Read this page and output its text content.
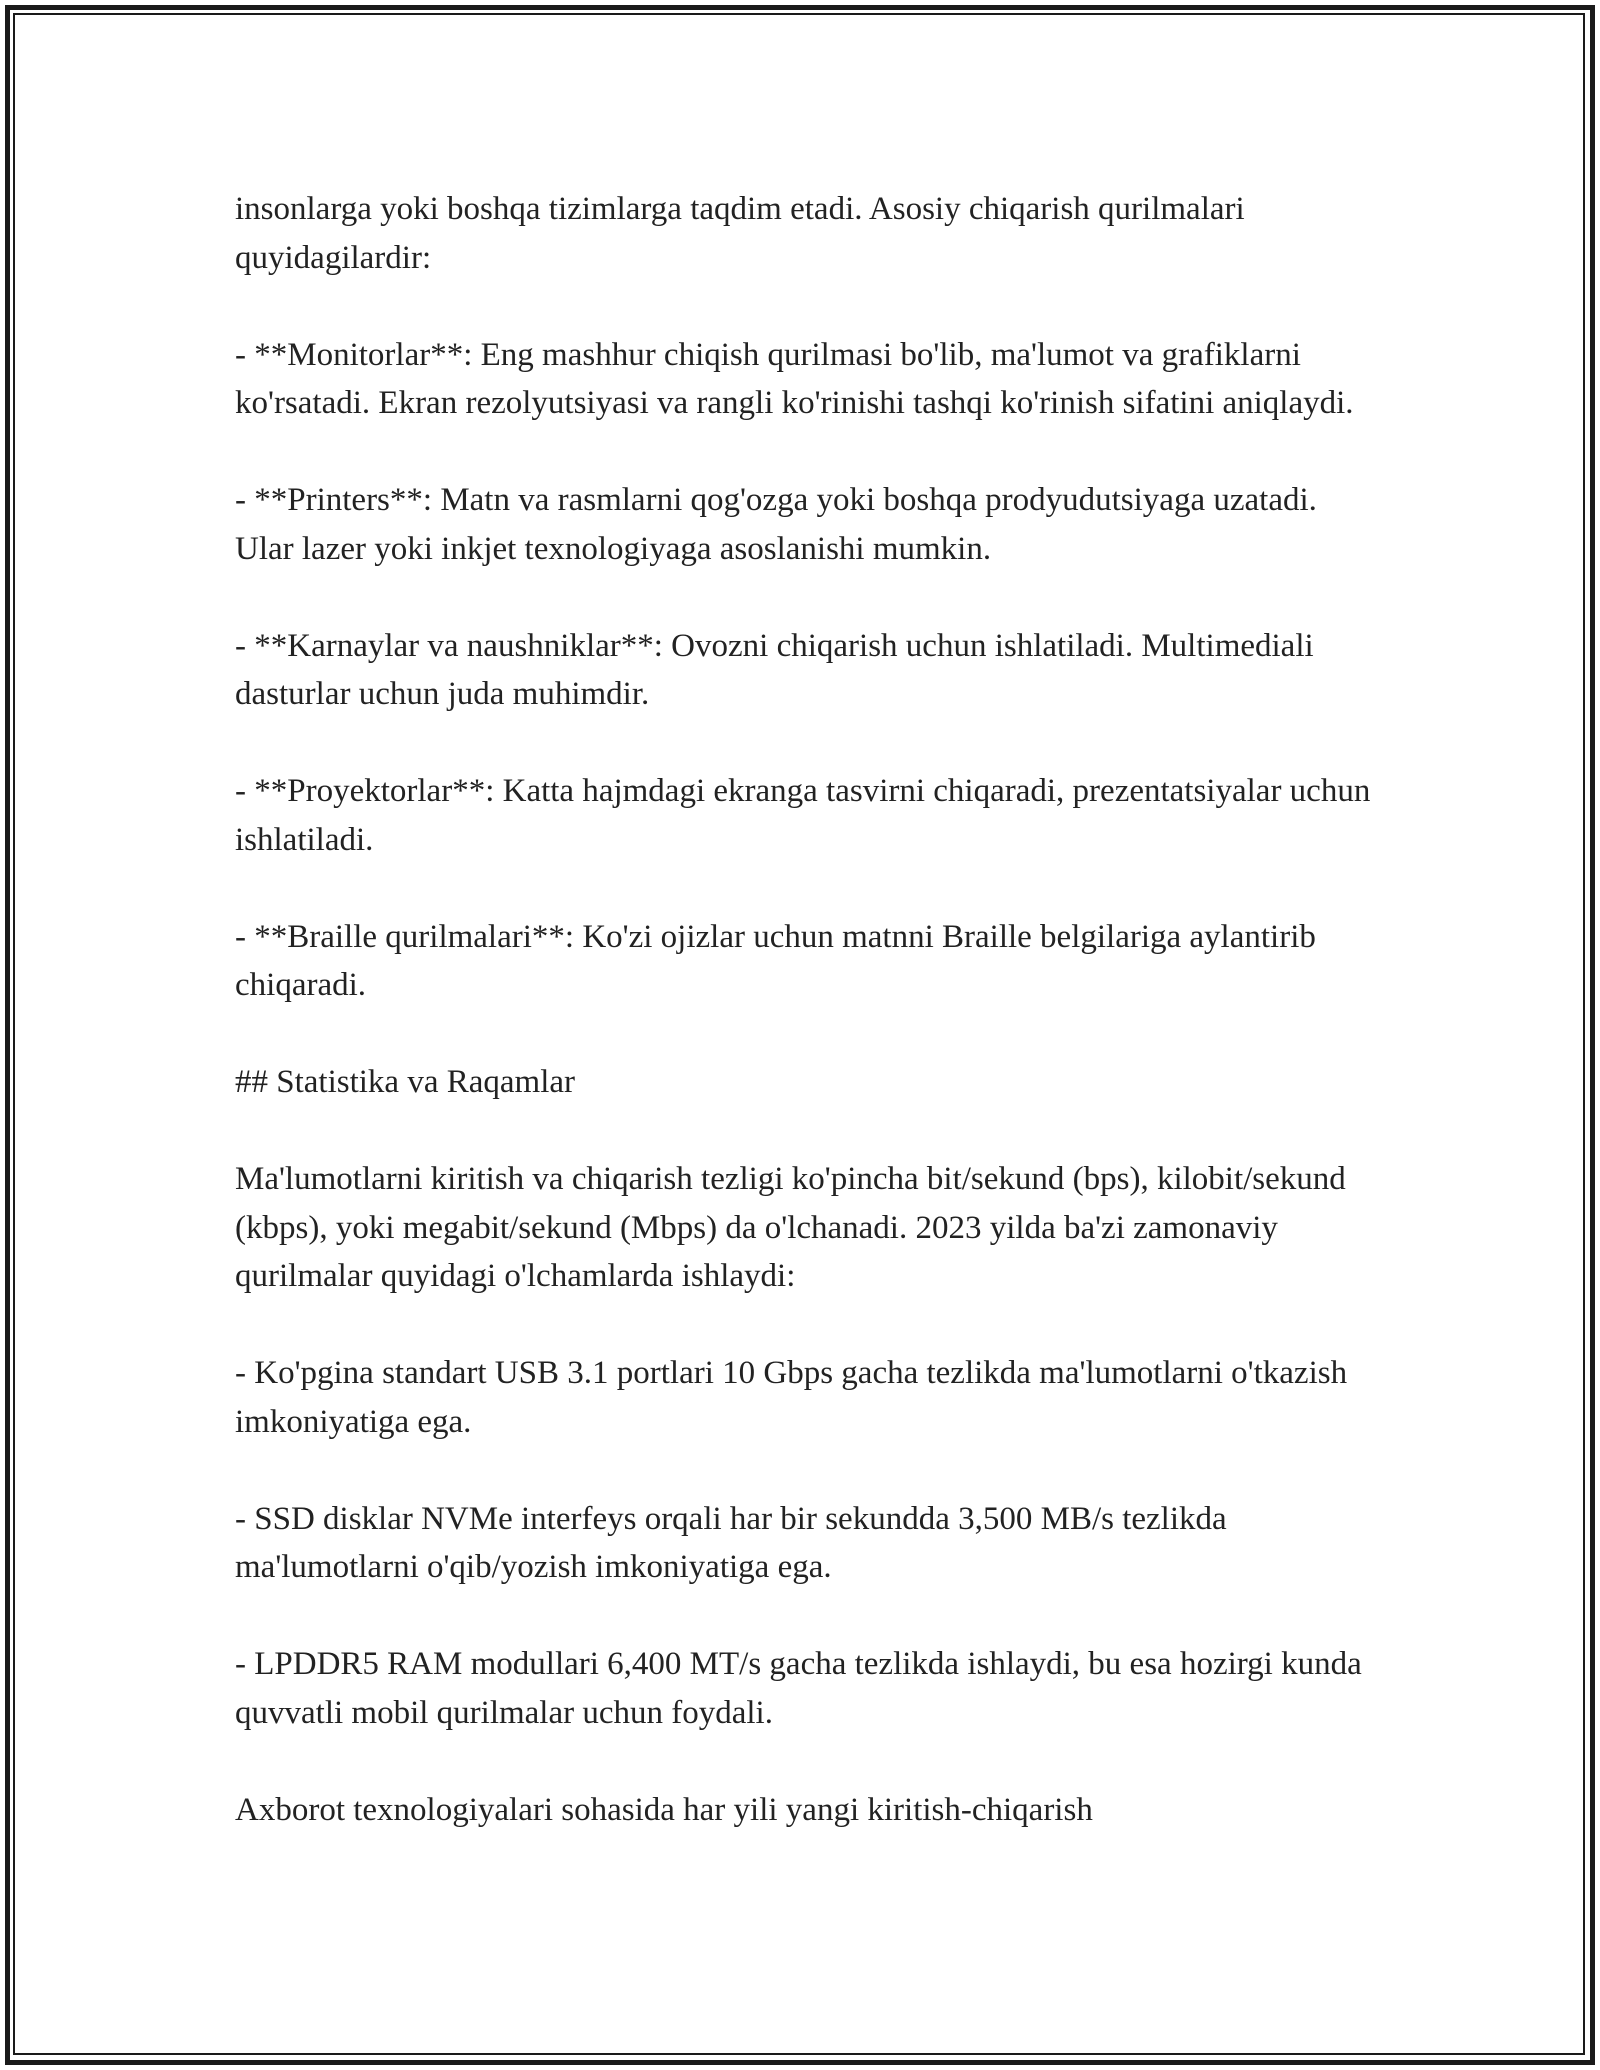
insonlarga yoki boshqa tizimlarga taqdim etadi. Asosiy chiqarish qurilmalari quyidagilardir:

- **Monitorlar**: Eng mashhur chiqish qurilmasi bo'lib, ma'lumot va grafiklarni ko'rsatadi. Ekran rezolyutsiyasi va rangli ko'rinishi tashqi ko'rinish sifatini aniqlaydi.

- **Printers**: Matn va rasmlarni qog'ozga yoki boshqa prodyudutsiyaga uzatadi. Ular lazer yoki inkjet texnologiyaga asoslanishi mumkin.

- **Karnaylar va naushniklar**: Ovozni chiqarish uchun ishlatiladi. Multimediali dasturlar uchun juda muhimdir.

- **Proyektorlar**: Katta hajmdagi ekranga tasvirni chiqaradi, prezentatsiyalar uchun ishlatiladi.

- **Braille qurilmalari**: Ko'zi ojizlar uchun matnni Braille belgilariga aylantirib chiqaradi.

## Statistika va Raqamlar

Ma'lumotlarni kiritish va chiqarish tezligi ko'pincha bit/sekund (bps), kilobit/sekund (kbps), yoki megabit/sekund (Mbps) da o'lchanadi. 2023 yilda ba'zi zamonaviy qurilmalar quyidagi o'lchamlarda ishlaydi:

- Ko'pgina standart USB 3.1 portlari 10 Gbps gacha tezlikda ma'lumotlarni o'tkazish imkoniyatiga ega.

- SSD disklar NVMe interfeys orqali har bir sekundda 3,500 MB/s tezlikda ma'lumotlarni o'qib/yozish imkoniyatiga ega.

- LPDDR5 RAM modullari 6,400 MT/s gacha tezlikda ishlaydi, bu esa hozirgi kunda quvvatli mobil qurilmalar uchun foydali.

Axborot texnologiyalari sohasida har yili yangi kiritish-chiqarish
